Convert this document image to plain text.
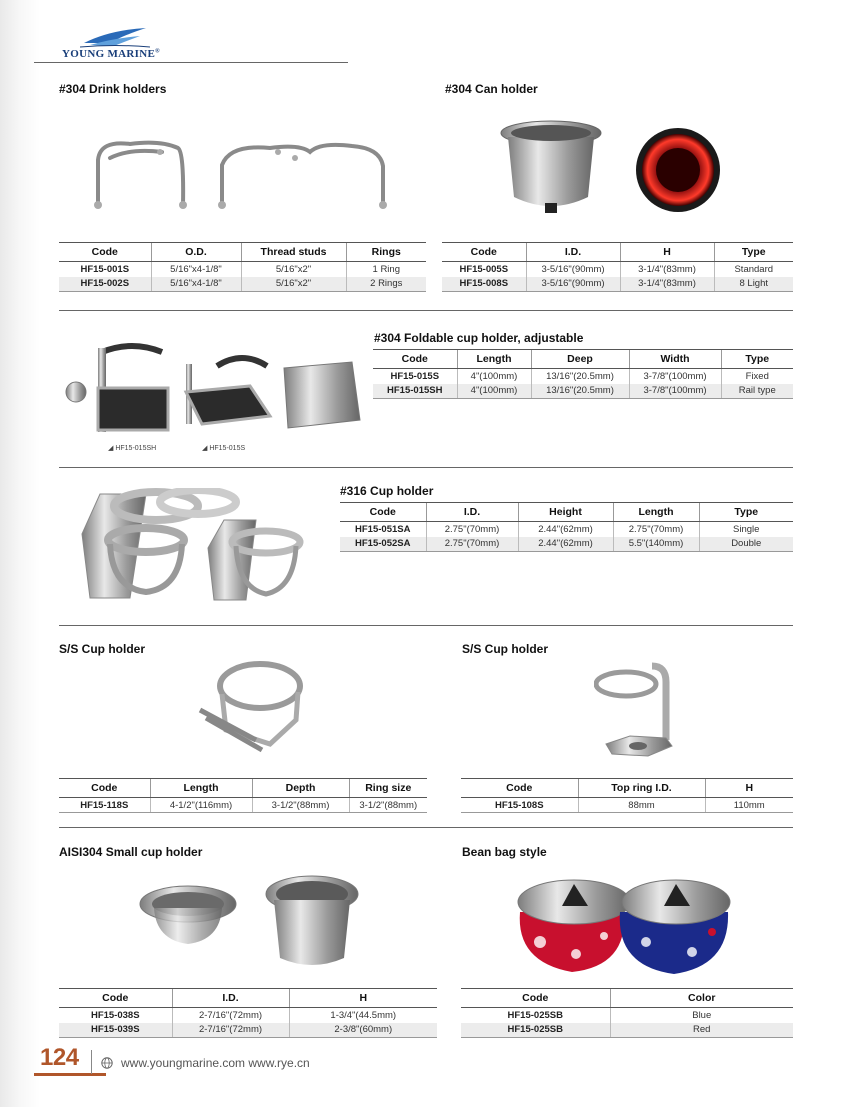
YOUNG MARINE®
#304 Drink holders
Code	O.D.	Thread studs	Rings
HF15-001S	5/16"x4-1/8"	5/16"x2"	1 Ring
HF15-002S	5/16"x4-1/8"	5/16"x2"	2 Rings
#304 Can holder
Code	I.D.	H	Type
HF15-005S	3-5/16"(90mm)	3-1/4"(83mm)	Standard
HF15-008S	3-5/16"(90mm)	3-1/4"(83mm)	8 Light
#304 Foldable cup holder, adjustable
◢ HF15-015SH	◢ HF15-015S
Code	Length	Deep	Width	Type
HF15-015S	4"(100mm)	13/16"(20.5mm)	3-7/8"(100mm)	Fixed
HF15-015SH	4"(100mm)	13/16"(20.5mm)	3-7/8"(100mm)	Rail type
#316 Cup holder
Code	I.D.	Height	Length	Type
HF15-051SA	2.75"(70mm)	2.44"(62mm)	2.75"(70mm)	Single
HF15-052SA	2.75"(70mm)	2.44"(62mm)	5.5"(140mm)	Double
S/S Cup holder
Code	Length	Depth	Ring size
HF15-118S	4-1/2"(116mm)	3-1/2"(88mm)	3-1/2"(88mm)
S/S Cup holder
Code	Top ring I.D.	H
HF15-108S	88mm	110mm
AISI304 Small cup holder
Code	I.D.	H
HF15-038S	2-7/16"(72mm)	1-3/4"(44.5mm)
HF15-039S	2-7/16"(72mm)	2-3/8"(60mm)
Bean bag style
Code	Color
HF15-025SB	Blue
HF15-025SB	Red
124	www.youngmarine.com www.rye.cn
